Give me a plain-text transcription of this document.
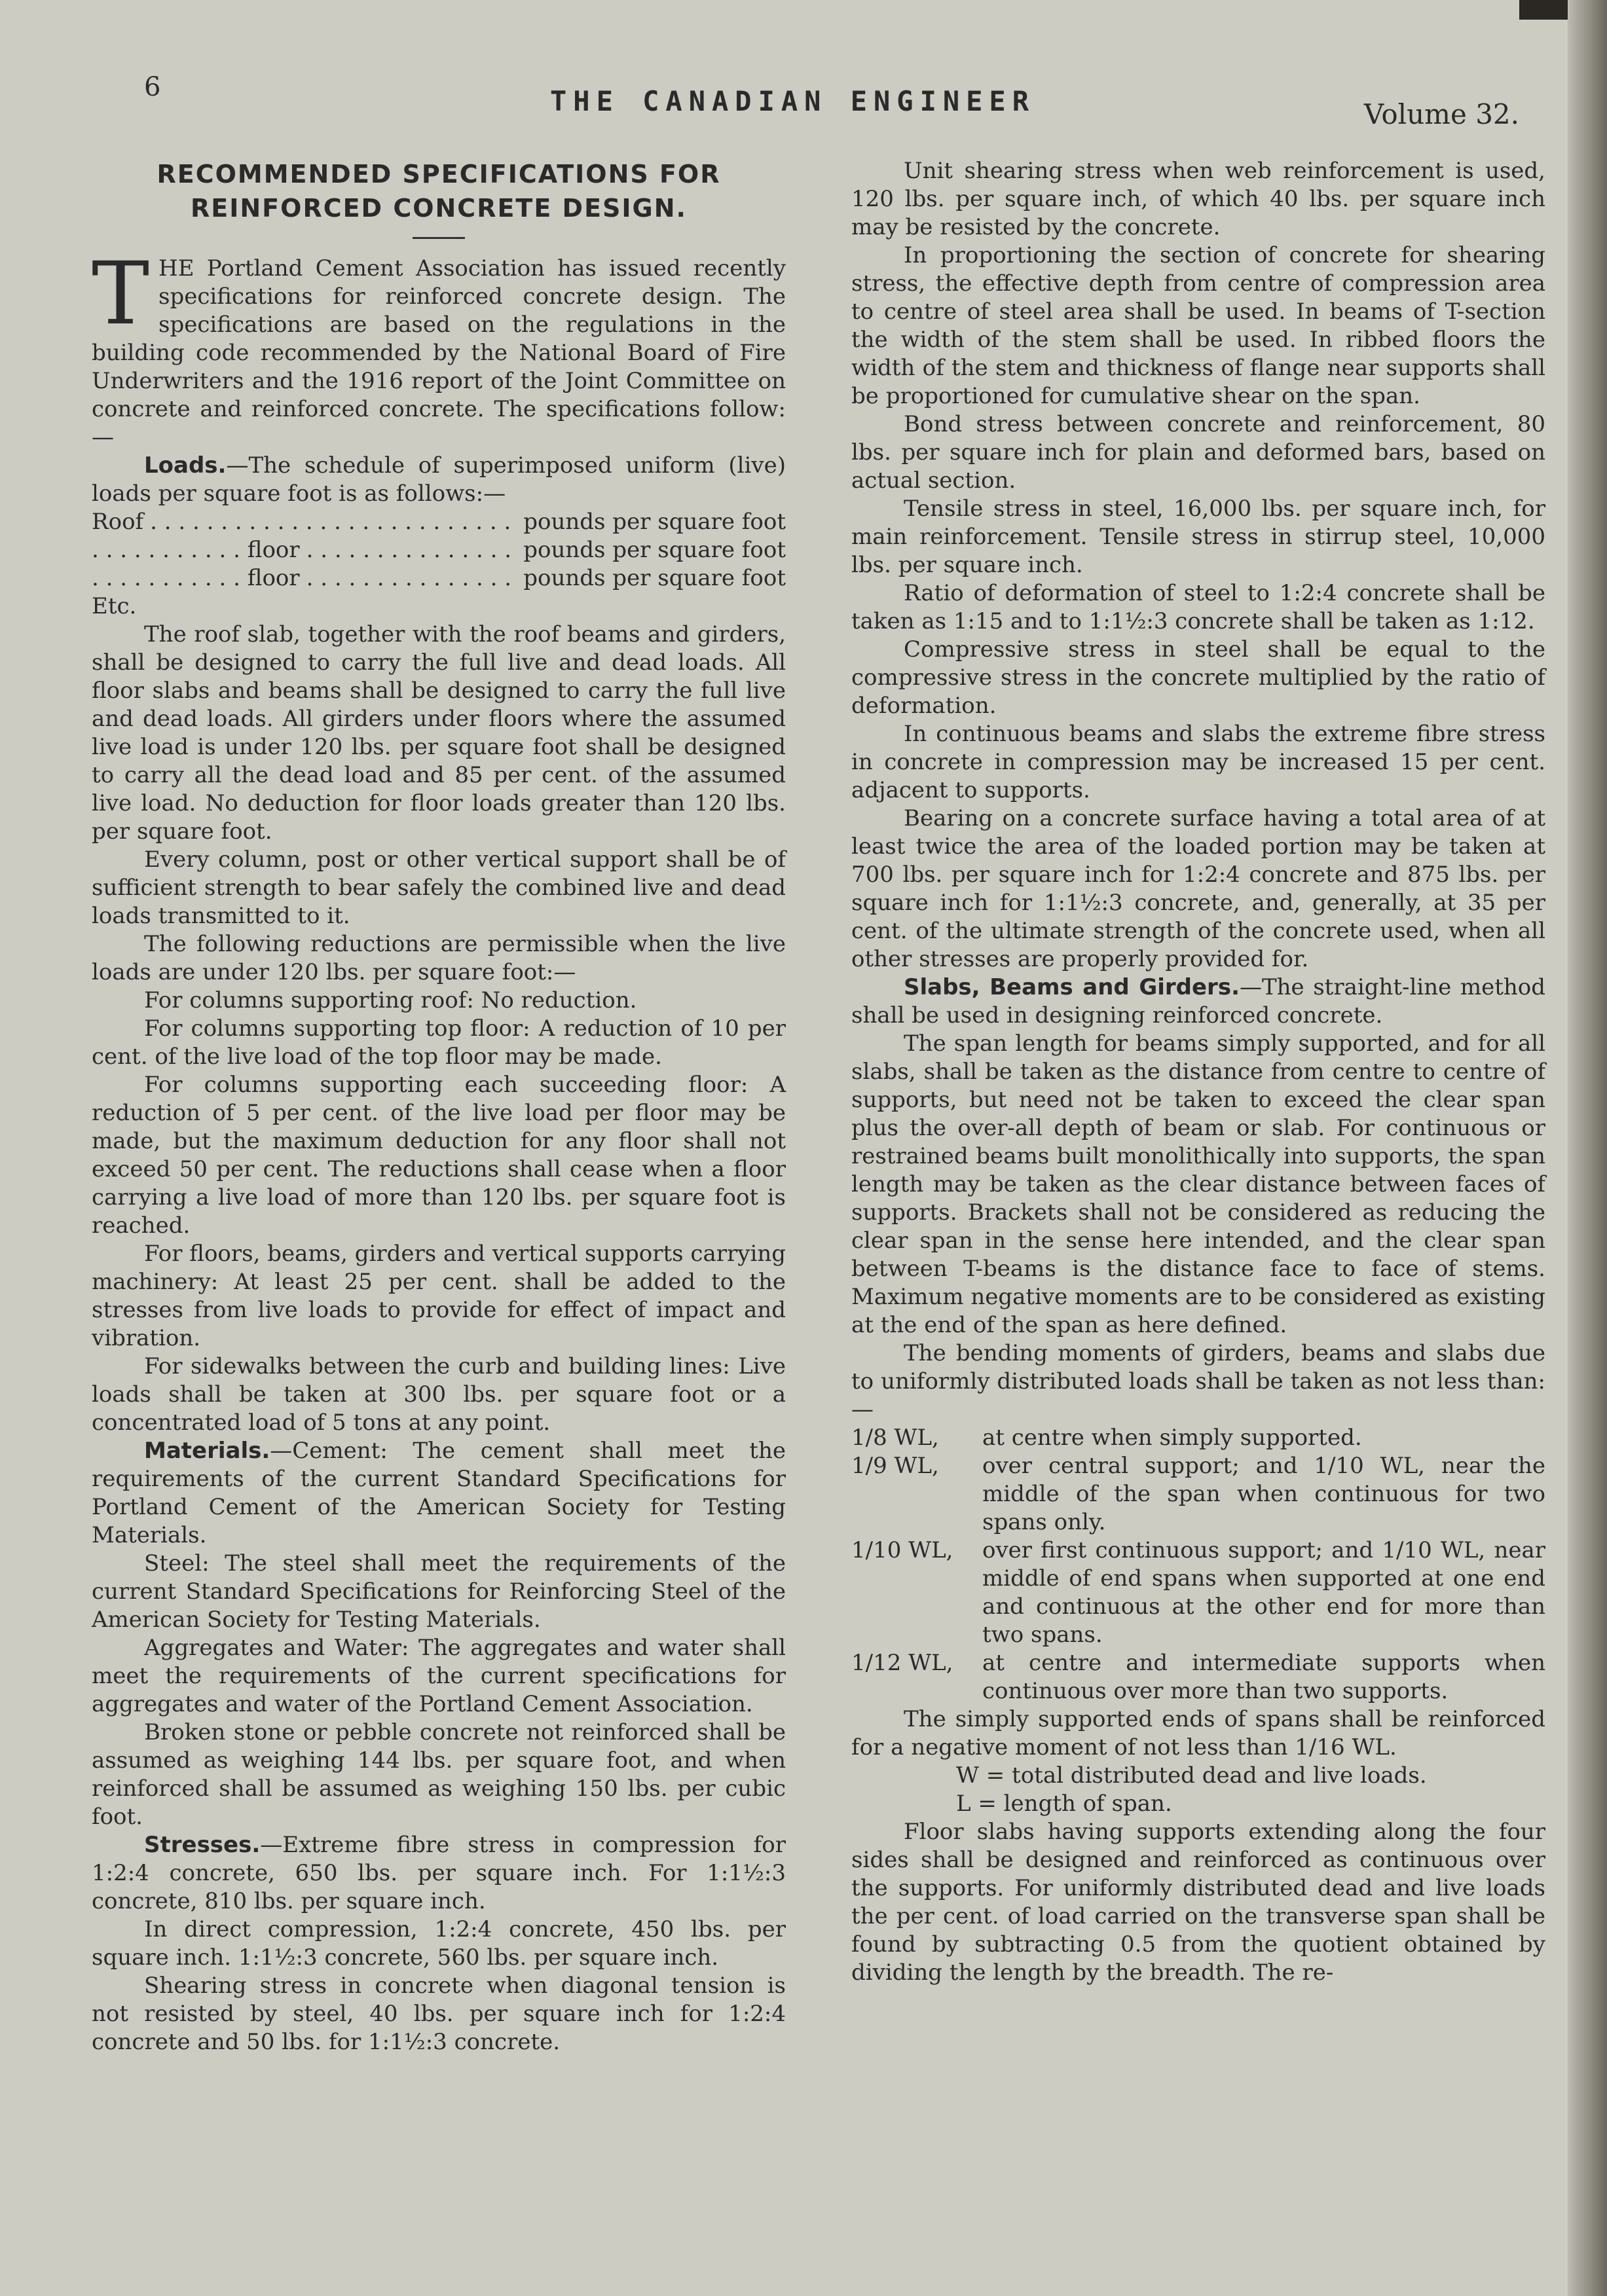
6	THE CANADIAN ENGINEER	Volume 32.
RECOMMENDED SPECIFICATIONS FOR
REINFORCED CONCRETE DESIGN.

THE Portland Cement Association has issued recently specifications for reinforced concrete design. The specifications are based on the regulations in the building code recommended by the National Board of Fire Underwriters and the 1916 report of the Joint Committee on concrete and reinforced concrete. The specifications follow:—

Loads.—The schedule of superimposed uniform (live) loads per square foot is as follows:—

Roof . . .	pounds per square foot
. . . . . . . . . . . floor . . .	pounds per square foot
. . . . . . . . . . . floor . . .	pounds per square foot

Etc.

The roof slab, together with the roof beams and girders, shall be designed to carry the full live and dead loads. All floor slabs and beams shall be designed to carry the full live and dead loads. All girders under floors where the assumed live load is under 120 lbs. per square foot shall be designed to carry all the dead load and 85 per cent. of the assumed live load. No deduction for floor loads greater than 120 lbs. per square foot.

Every column, post or other vertical support shall be of sufficient strength to bear safely the combined live and dead loads transmitted to it.

The following reductions are permissible when the live loads are under 120 lbs. per square foot:—

For columns supporting roof: No reduction.

For columns supporting top floor: A reduction of 10 per cent. of the live load of the top floor may be made.

For columns supporting each succeeding floor: A reduction of 5 per cent. of the live load per floor may be made, but the maximum deduction for any floor shall not exceed 50 per cent. The reductions shall cease when a floor carrying a live load of more than 120 lbs. per square foot is reached.

For floors, beams, girders and vertical supports carrying machinery: At least 25 per cent. shall be added to the stresses from live loads to provide for effect of impact and vibration.

For sidewalks between the curb and building lines: Live loads shall be taken at 300 lbs. per square foot or a concentrated load of 5 tons at any point.

Materials.—Cement: The cement shall meet the requirements of the current Standard Specifications for Portland Cement of the American Society for Testing Materials.

Steel: The steel shall meet the requirements of the current Standard Specifications for Reinforcing Steel of the American Society for Testing Materials.

Aggregates and Water: The aggregates and water shall meet the requirements of the current specifications for aggregates and water of the Portland Cement Association.

Broken stone or pebble concrete not reinforced shall be assumed as weighing 144 lbs. per square foot, and when reinforced shall be assumed as weighing 150 lbs. per cubic foot.

Stresses.—Extreme fibre stress in compression for 1:2:4 concrete, 650 lbs. per square inch. For 1:1½:3 concrete, 810 lbs. per square inch.

In direct compression, 1:2:4 concrete, 450 lbs. per square inch. 1:1½:3 concrete, 560 lbs. per square inch.

Shearing stress in concrete when diagonal tension is not resisted by steel, 40 lbs. per square inch for 1:2:4 concrete and 50 lbs. for 1:1½:3 concrete.

Unit shearing stress when web reinforcement is used, 120 lbs. per square inch, of which 40 lbs. per square inch may be resisted by the concrete.

In proportioning the section of concrete for shearing stress, the effective depth from centre of compression area to centre of steel area shall be used. In beams of T-section the width of the stem shall be used. In ribbed floors the width of the stem and thickness of flange near supports shall be proportioned for cumulative shear on the span.

Bond stress between concrete and reinforcement, 80 lbs. per square inch for plain and deformed bars, based on actual section.

Tensile stress in steel, 16,000 lbs. per square inch, for main reinforcement. Tensile stress in stirrup steel, 10,000 lbs. per square inch.

Ratio of deformation of steel to 1:2:4 concrete shall be taken as 1:15 and to 1:1½:3 concrete shall be taken as 1:12.

Compressive stress in steel shall be equal to the compressive stress in the concrete multiplied by the ratio of deformation.

In continuous beams and slabs the extreme fibre stress in concrete in compression may be increased 15 per cent. adjacent to supports.

Bearing on a concrete surface having a total area of at least twice the area of the loaded portion may be taken at 700 lbs. per square inch for 1:2:4 concrete and 875 lbs. per square inch for 1:1½:3 concrete, and, generally, at 35 per cent. of the ultimate strength of the concrete used, when all other stresses are properly provided for.

Slabs, Beams and Girders.—The straight-line method shall be used in designing reinforced concrete.

The span length for beams simply supported, and for all slabs, shall be taken as the distance from centre to centre of supports, but need not be taken to exceed the clear span plus the over-all depth of beam or slab. For continuous or restrained beams built monolithically into supports, the span length may be taken as the clear distance between faces of supports. Brackets shall not be considered as reducing the clear span in the sense here intended, and the clear span between T-beams is the distance face to face of stems. Maximum negative moments are to be considered as existing at the end of the span as here defined.

The bending moments of girders, beams and slabs due to uniformly distributed loads shall be taken as not less than:—

1/8 WL,	at centre when simply supported.
1/9 WL,	over central support; and 1/10 WL, near the middle of the span when continuous for two spans only.
1/10 WL,	over first continuous support; and 1/10 WL, near middle of end spans when supported at one end and continuous at the other end for more than two spans.
1/12 WL,	at centre and intermediate supports when continuous over more than two supports.

The simply supported ends of spans shall be reinforced for a negative moment of not less than 1/16 WL.

W = total distributed dead and live loads.

L = length of span.

Floor slabs having supports extending along the four sides shall be designed and reinforced as continuous over the supports. For uniformly distributed dead and live loads the per cent. of load carried on the transverse span shall be found by subtracting 0.5 from the quotient obtained by dividing the length by the breadth. The re-
